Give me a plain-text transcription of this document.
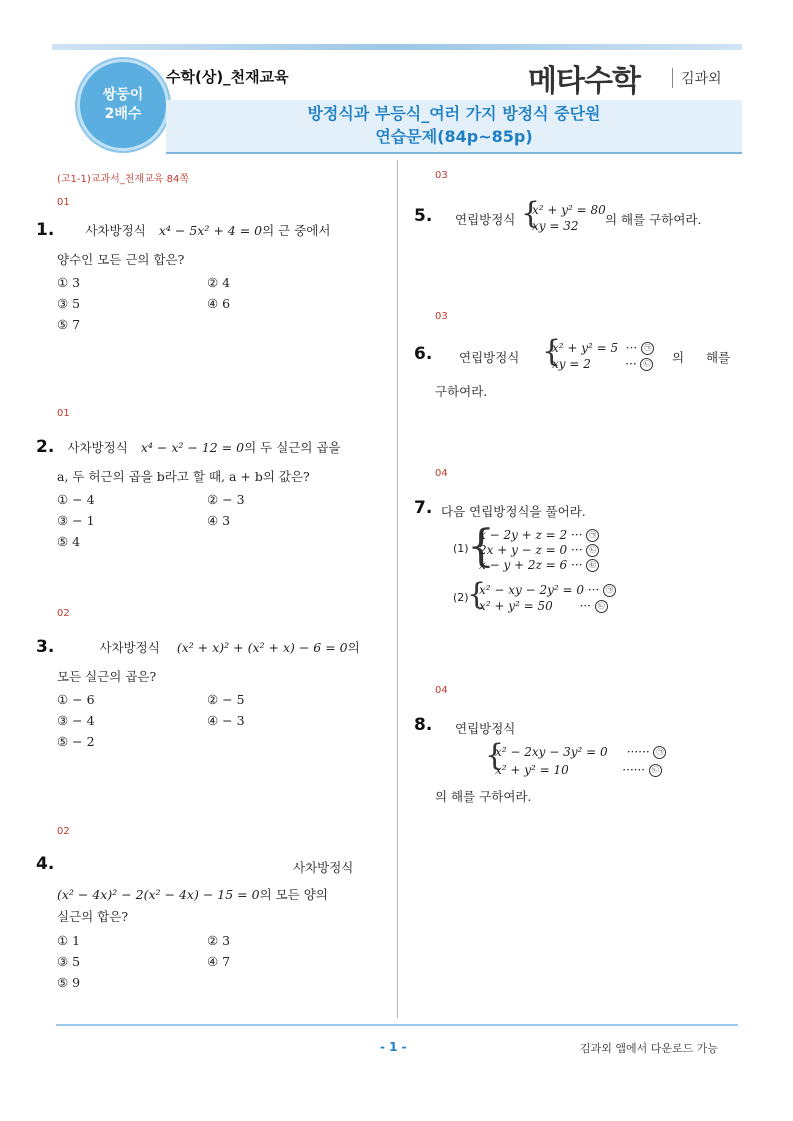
쌍둥이
2배수
수학(상)_천재교육	메타수학	김과외
방정식과 부등식_여러 가지 방정식 중단원
연습문제(84p~85p)
(고1-1)교과서_천재교육 84쪽
01
1. 사차방정식 x⁴ − 5x² + 4 = 0의 근 중에서
양수인 모든 근의 합은?
① 3	② 4
③ 5	④ 6
⑤ 7
01
2. 사차방정식 x⁴ − x² − 12 = 0의 두 실근의 곱을
a, 두 허근의 곱을 b라고 할 때, a + b의 값은?
① − 4	② − 3
③ − 1	④ 3
⑤ 4
02
3.	사차방정식 (x² + x)² + (x² + x) − 6 = 0의
모든 실근의 곱은?
① − 6	② − 5
③ − 4	④ − 3
⑤ − 2
02
4.	사차방정식
(x² − 4x)² − 2(x² − 4x) − 15 = 0의 모든 양의
실근의 합은?
① 1	② 3
③ 5	④ 7
⑤ 9
03
5. 연립방정식 {
x² + y² = 80
xy = 32 의 해를 구하여라.
03
6. 연립방정식 {
x² + y² = 5  ··· ㉠
xy = 2         ··· ㉡ 의 해를
구하여라.
04
7. 다음 연립방정식을 풀어라.
(1)
{
x − 2y + z = 2 ··· ㉠
2x + y − z = 0 ··· ㉡
x − y + 2z = 6 ··· ㉢
(2)
{
x² − xy − 2y² = 0 ··· ㉠
x² + y² = 50       ··· ㉡
04
8. 연립방정식
{
x² − 2xy − 3y² = 0     ······ ㉠
x² + y² = 10              ······ ㉡
의 해를 구하여라.
- 1 -	김과외 앱에서 다운로드 가능
